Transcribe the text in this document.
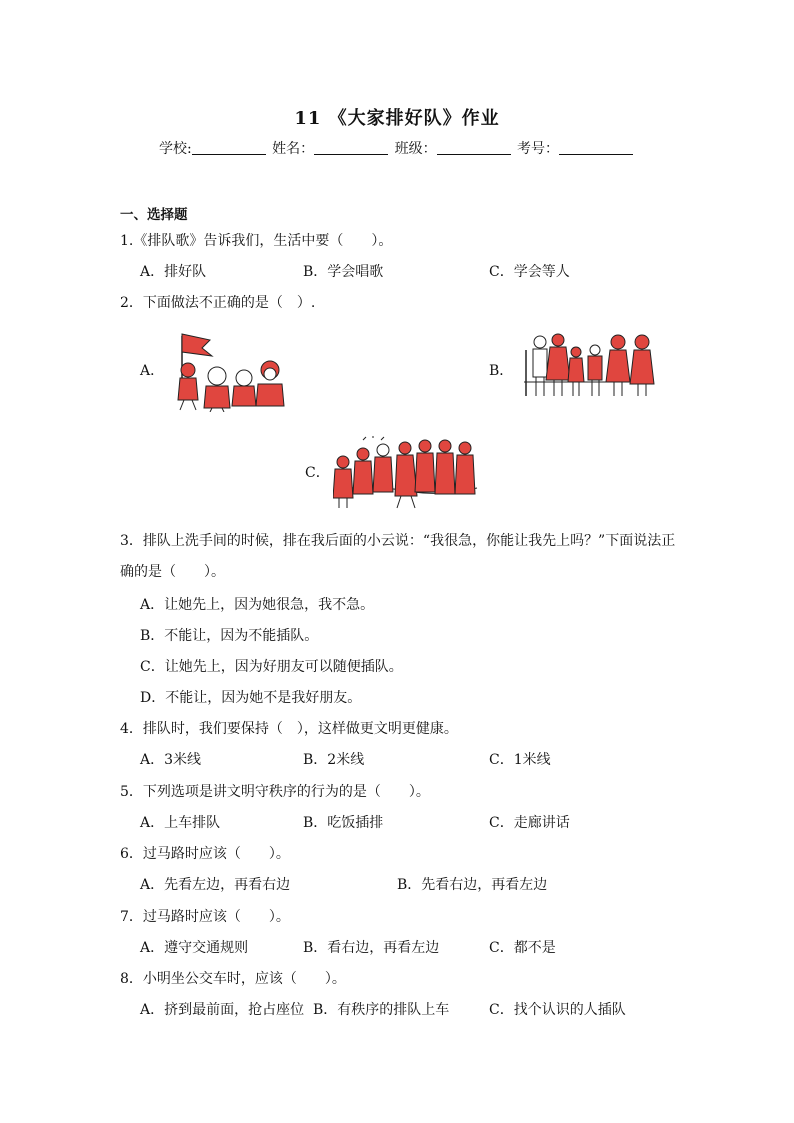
11 《大家排好队》作业
学校:	姓名：	班级：	考号：
一、选择题
1.《排队歌》告诉我们，生活中要（　　）。
A．排好队	B．学会唱歌	C．学会等人
2．下面做法不正确的是（　）.
A．	B．
C．
3．排队上洗手间的时候，排在我后面的小云说：“我很急，你能让我先上吗？”下面说法正
确的是（　　）。
A．让她先上，因为她很急，我不急。
B．不能让，因为不能插队。
C．让她先上，因为好朋友可以随便插队。
D．不能让，因为她不是我好朋友。
4．排队时，我们要保持（　），这样做更文明更健康。
A．3米线	B．2米线	C．1米线
5．下列选项是讲文明守秩序的行为的是（　　）。
A．上车排队	B．吃饭插排	C．走廊讲话
6．过马路时应该（　　）。
A．先看左边，再看右边	B．先看右边，再看左边
7．过马路时应该（　　）。
A．遵守交通规则	B．看右边，再看左边	C．都不是
8．小明坐公交车时，应该（　　）。
A．挤到最前面，抢占座位 B．有秩序的排队上车	C．找个认识的人插队
